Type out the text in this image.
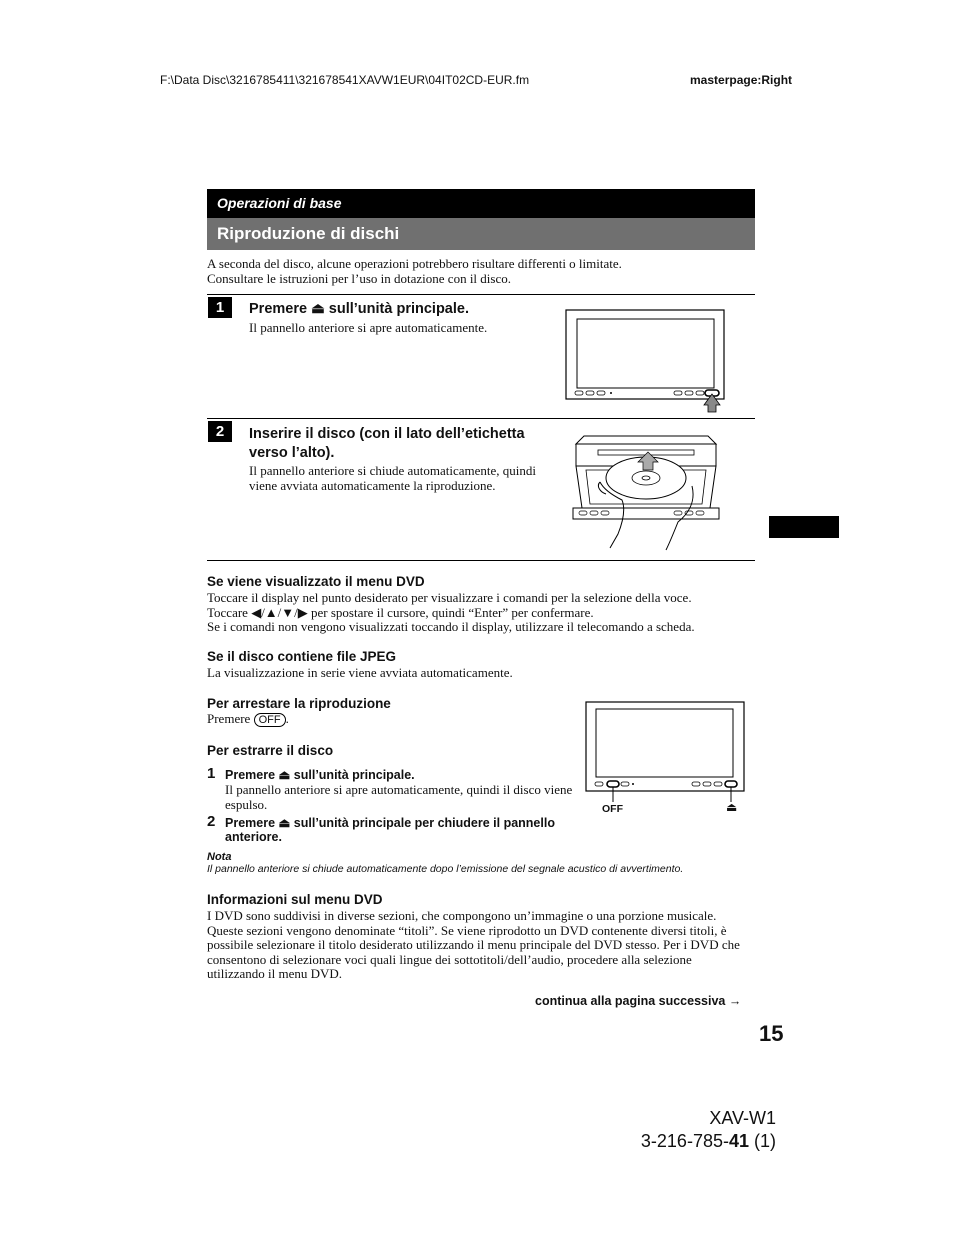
F:\Data Disc\3216785411\321678541XAVW1EUR\04IT02CD-EUR.fm	masterpage:Right
Operazioni di base
Riproduzione di dischi
A seconda del disco, alcune operazioni potrebbero risultare differenti o limitate.
Consultare le istruzioni per l’uso in dotazione con il disco.
1	Premere ⏏ sull’unità principale.
Il pannello anteriore si apre automaticamente.
2	Inserire il disco (con il lato dell’etichetta
verso l’alto).
Il pannello anteriore si chiude automaticamente, quindi
viene avviata automaticamente la riproduzione.
Se viene visualizzato il menu DVD
Toccare il display nel punto desiderato per visualizzare i comandi per la selezione della voce.
Toccare ◀/▲/▼/▶ per spostare il cursore, quindi “Enter” per confermare.
Se i comandi non vengono visualizzati toccando il display, utilizzare il telecomando a scheda.
Se il disco contiene file JPEG
La visualizzazione in serie viene avviata automaticamente.
Per arrestare la riproduzione
Premere OFF .
Per estrarre il disco
1 Premere ⏏ sull’unità principale.
Il pannello anteriore si apre automaticamente, quindi il disco viene
espulso.
2 Premere ⏏ sull’unità principale per chiudere il pannello
anteriore.
OFF	⏏
Nota
Il pannello anteriore si chiude automaticamente dopo l’emissione del segnale acustico di avvertimento.
Informazioni sul menu DVD
I DVD sono suddivisi in diverse sezioni, che compongono un’immagine o una porzione musicale.
Queste sezioni vengono denominate “titoli”. Se viene riprodotto un DVD contenente diversi titoli, è
possibile selezionare il titolo desiderato utilizzando il menu principale del DVD stesso. Per i DVD che
consentono di selezionare voci quali lingue dei sottotitoli/dell’audio, procedere alla selezione
utilizzando il menu DVD.
continua alla pagina successiva →
15
XAV-W1
3-216-785-41 (1)
